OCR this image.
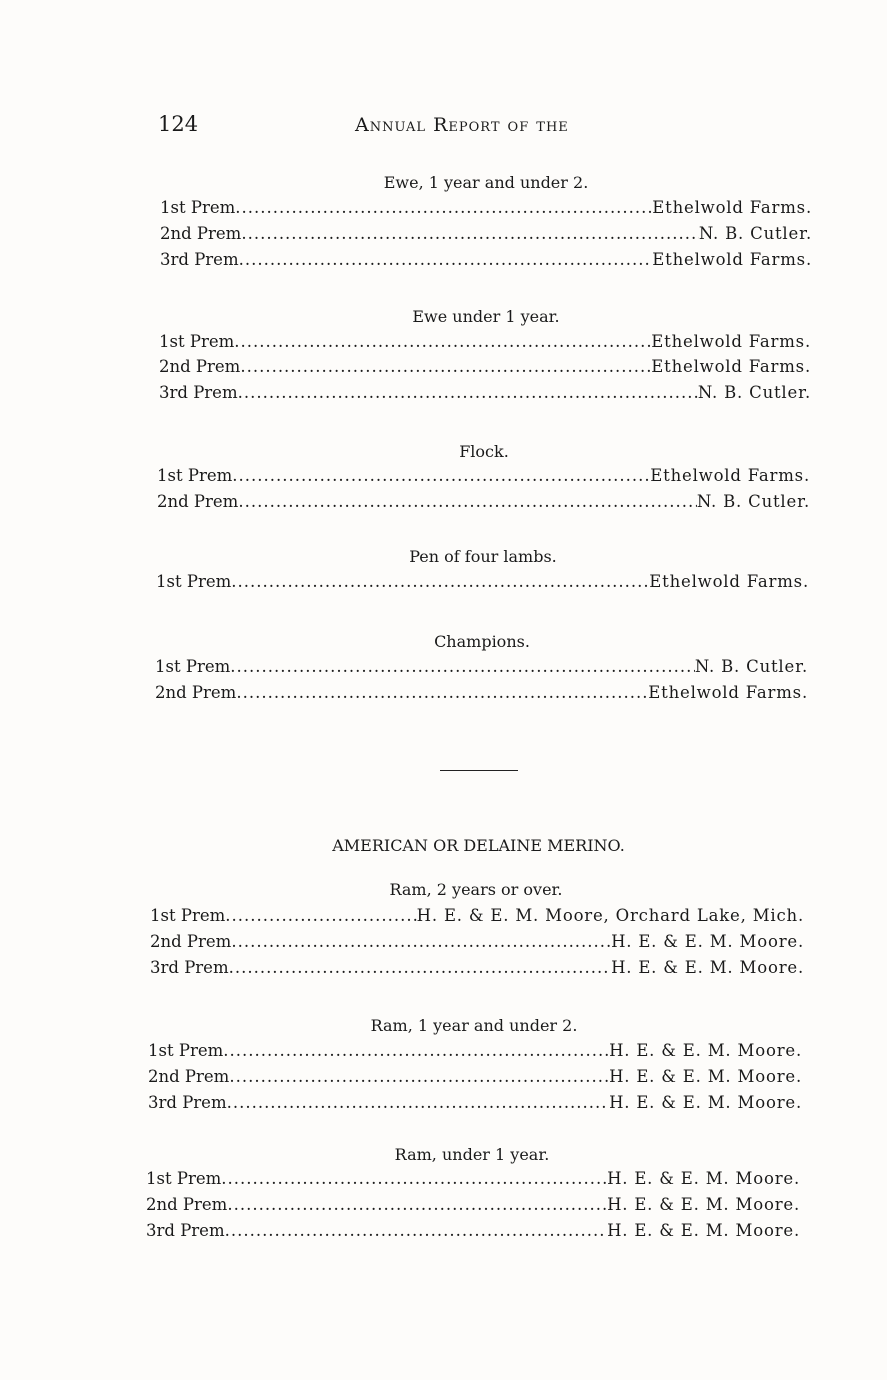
124	Annual Report of the
Ewe, 1 year and under 2.
1st Prem .....	Ethelwold Farms.
2nd Prem .....	N. B. Cutler.
3rd Prem .....	Ethelwold Farms.
Ewe under 1 year.
1st Prem .....	Ethelwold Farms.
2nd Prem .....	Ethelwold Farms.
3rd Prem .....	N. B. Cutler.
Flock.
1st Prem .....	Ethelwold Farms.
2nd Prem .....	N. B. Cutler.
Pen of four lambs.
1st Prem .....	Ethelwold Farms.
Champions.
1st Prem .....	N. B. Cutler.
2nd Prem .....	Ethelwold Farms.
AMERICAN OR DELAINE MERINO.
Ram, 2 years or over.
1st Prem .....	H. E. & E. M. Moore, Orchard Lake, Mich.
2nd Prem .....	H. E. & E. M. Moore.
3rd Prem .....	H. E. & E. M. Moore.
Ram, 1 year and under 2.
1st Prem .....	H. E. & E. M. Moore.
2nd Prem .....	H. E. & E. M. Moore.
3rd Prem .....	H. E. & E. M. Moore.
Ram, under 1 year.
1st Prem .....	H. E. & E. M. Moore.
2nd Prem .....	H. E. & E. M. Moore.
3rd Prem .....	H. E. & E. M. Moore.
